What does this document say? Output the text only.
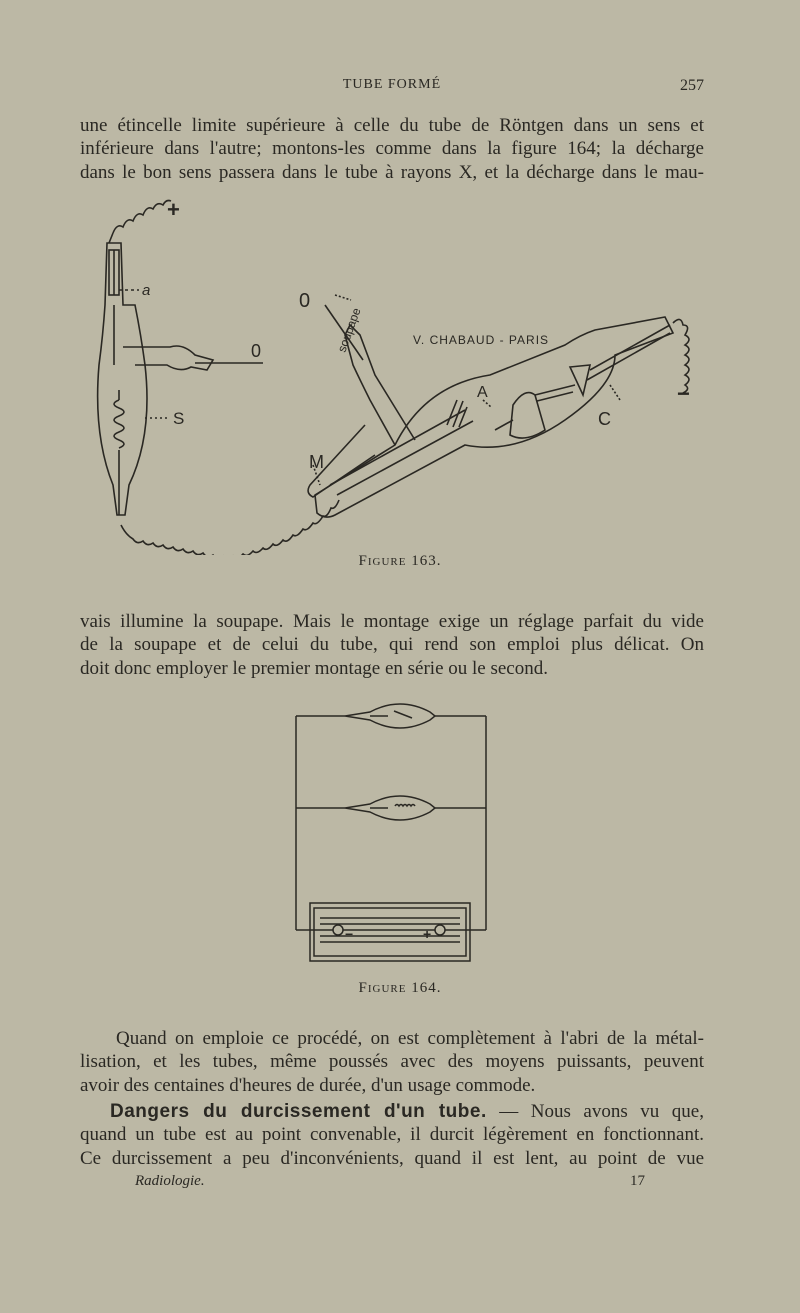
TUBE FORMÉ	257

une étincelle limite supérieure à celle du tube de Röntgen dans un sens et
inférieure dans l'autre; montons-les comme dans la figure 164; la décharge
dans le bon sens passera dans le tube à rayons X, et la décharge dans le mau-

+
a
0
S
0
soupape	V. CHABAUD - PARIS
A
C
−
M
Figure 163.

vais illumine la soupape. Mais le montage exige un réglage parfait du vide
de la soupape et de celui du tube, qui rend son emploi plus délicat. On
doit donc employer le premier montage en série ou le second.

−	+
Figure 164.

Quand on emploie ce procédé, on est complètement à l'abri de la métal-
lisation, et les tubes, même poussés avec des moyens puissants, peuvent
avoir des centaines d'heures de durée, d'un usage commode.

Dangers du durcissement d'un tube. — Nous avons vu que,
quand un tube est au point convenable, il durcit légèrement en fonctionnant.
Ce durcissement a peu d'inconvénients, quand il est lent, au point de vue

Radiologie.	17
